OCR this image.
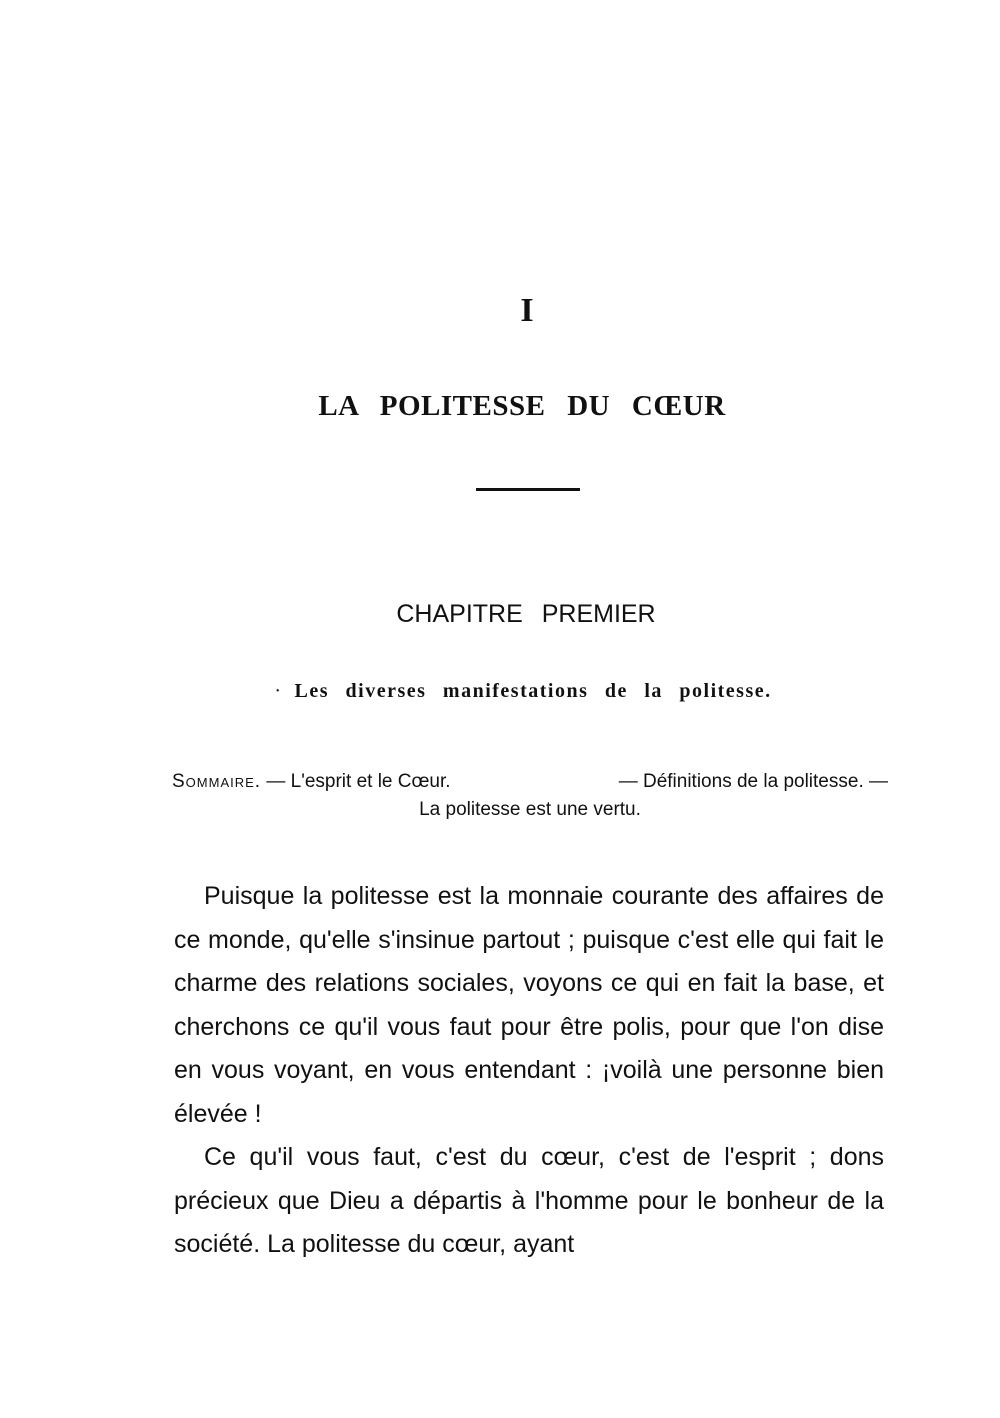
I
LA POLITESSE DU CŒUR
CHAPITRE PREMIER
· Les diverses manifestations de la politesse.
Sommaire. — L'esprit et le Cœur.	— Définitions de la politesse. —
La politesse est une vertu.

Puisque la politesse est la monnaie courante des affaires de ce monde, qu'elle s'insinue partout ; puisque c'est elle qui fait le charme des relations sociales, voyons ce qui en fait la base, et cherchons ce qu'il vous faut pour être polis, pour que l'on dise en vous voyant, en vous entendant : ¡voilà une personne bien élevée !

Ce qu'il vous faut, c'est du cœur, c'est de l'esprit ; dons précieux que Dieu a départis à l'homme pour le bonheur de la société. La politesse du cœur, ayant
